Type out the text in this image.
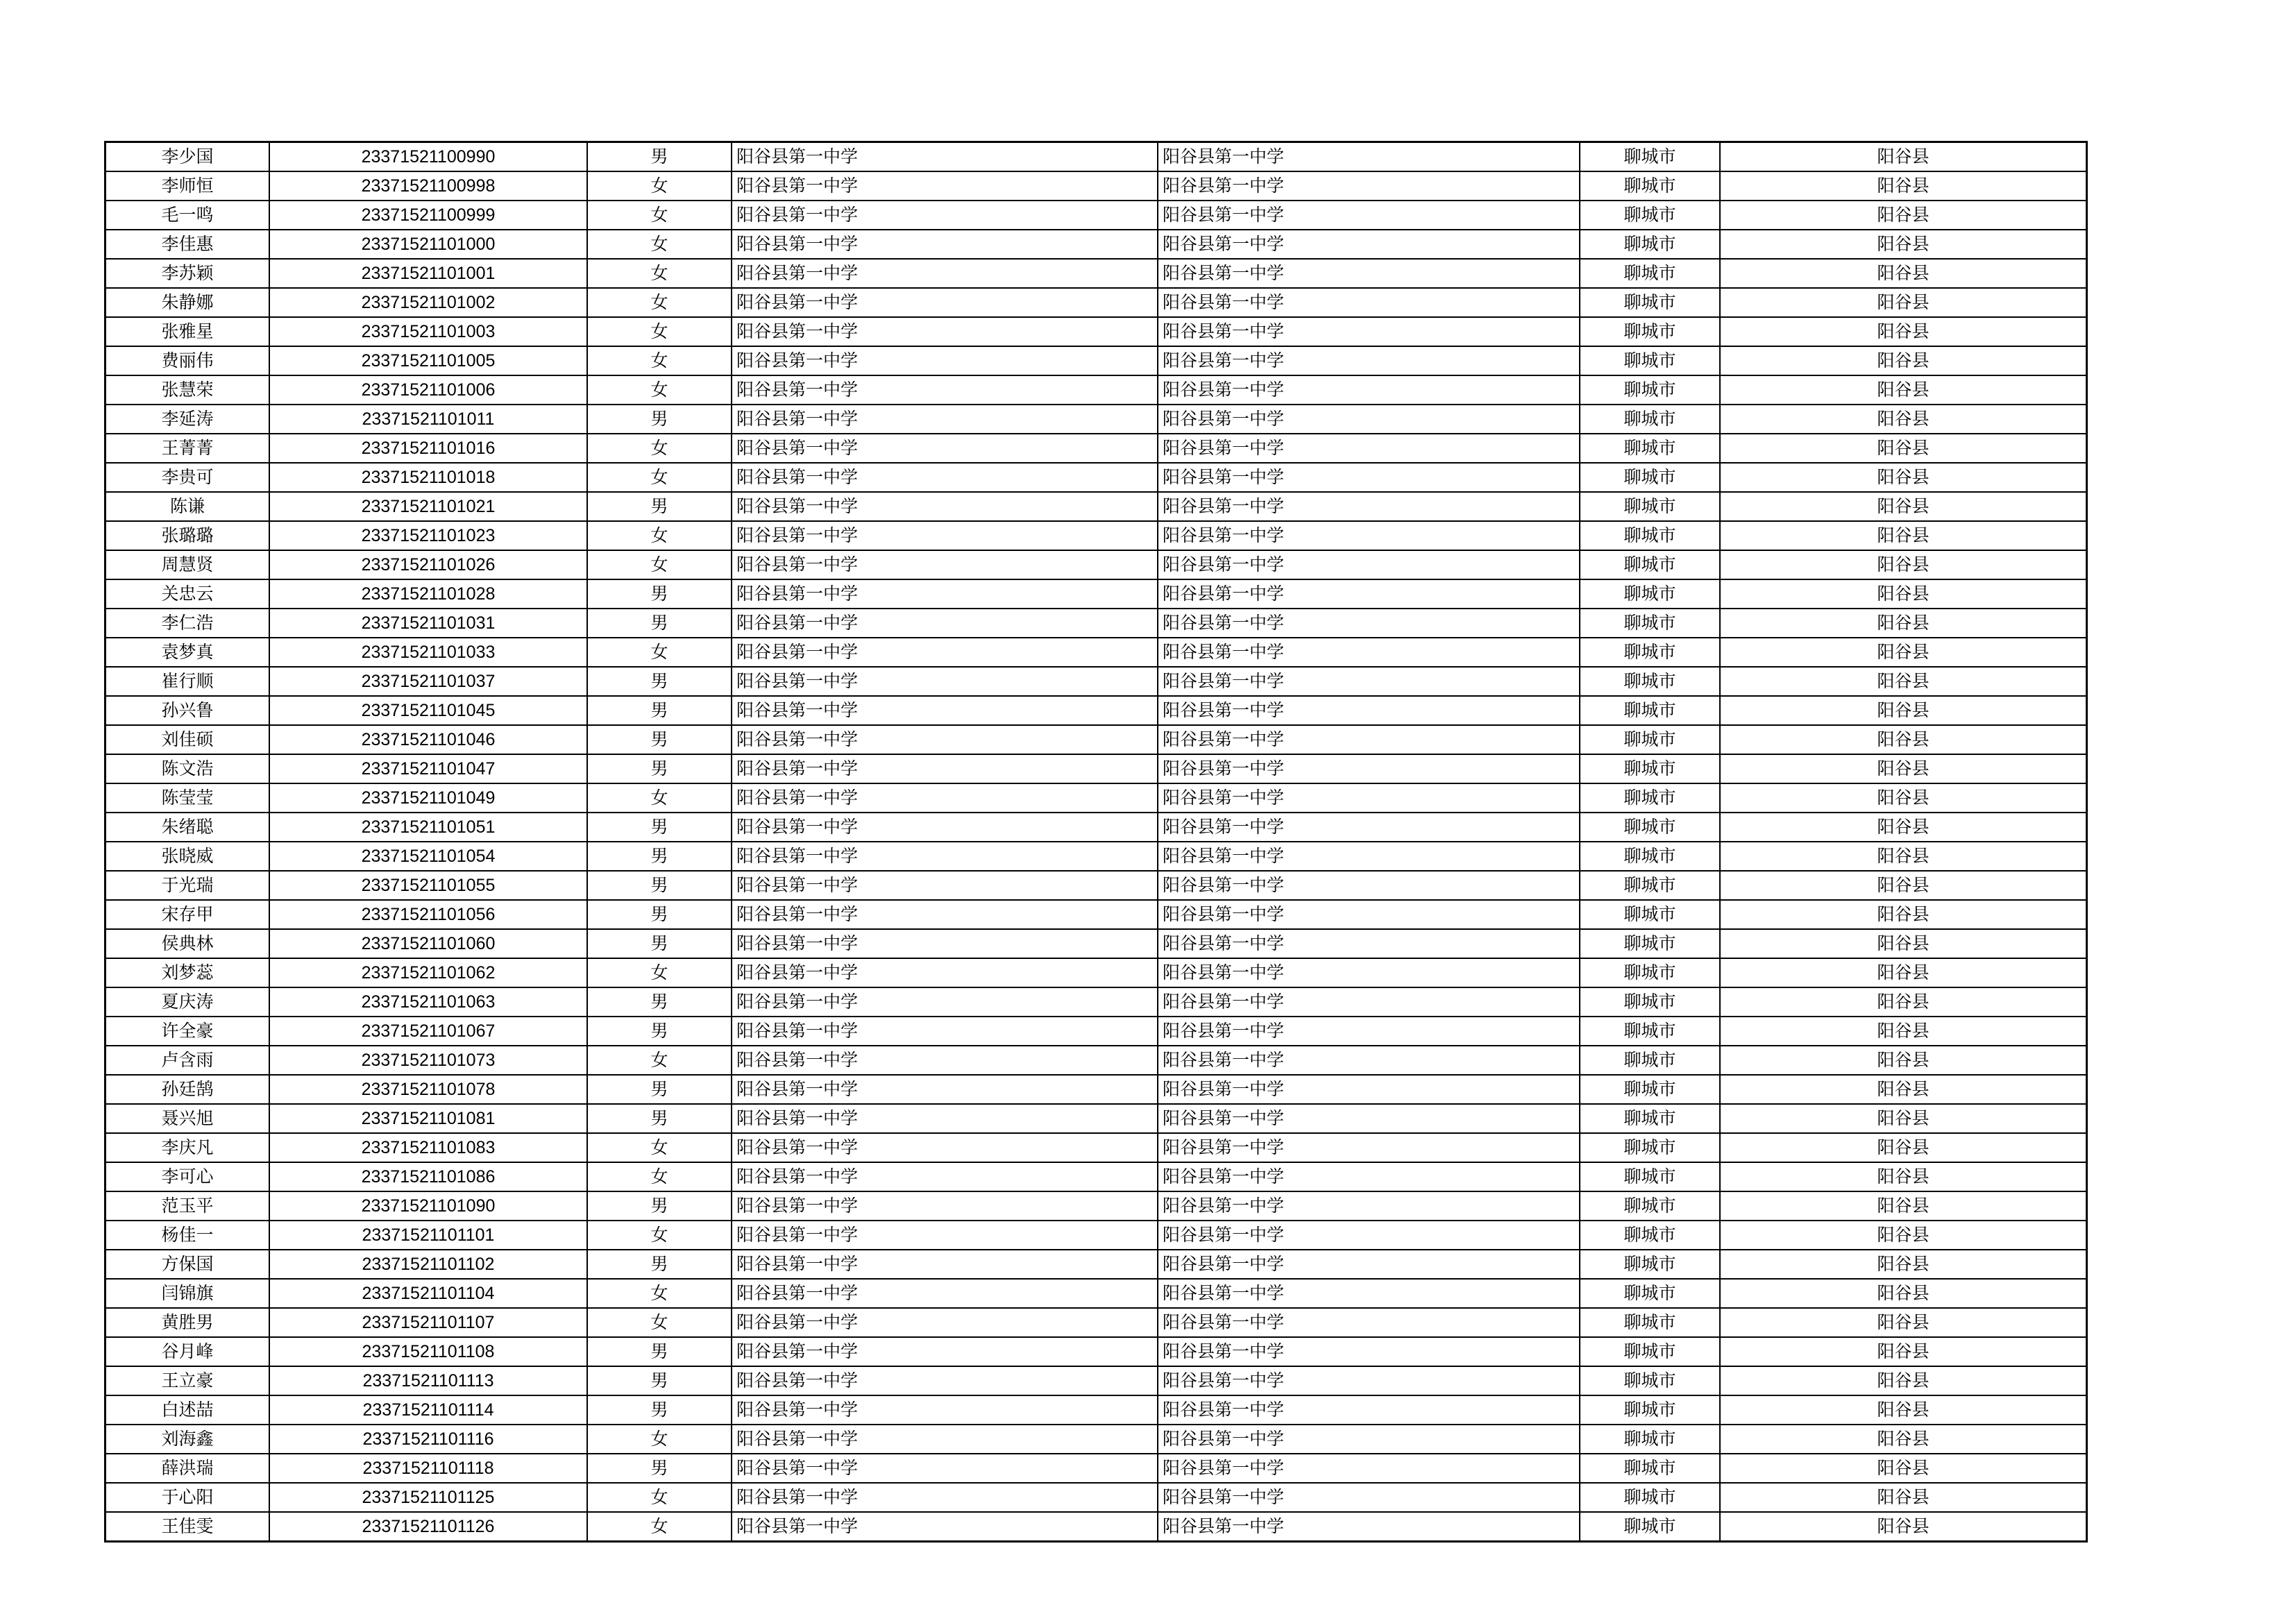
李少国	23371521100990	男	阳谷县第一中学	阳谷县第一中学	聊城市	阳谷县
李师恒	23371521100998	女	阳谷县第一中学	阳谷县第一中学	聊城市	阳谷县
毛一鸣	23371521100999	女	阳谷县第一中学	阳谷县第一中学	聊城市	阳谷县
李佳惠	23371521101000	女	阳谷县第一中学	阳谷县第一中学	聊城市	阳谷县
李苏颖	23371521101001	女	阳谷县第一中学	阳谷县第一中学	聊城市	阳谷县
朱静娜	23371521101002	女	阳谷县第一中学	阳谷县第一中学	聊城市	阳谷县
张雅星	23371521101003	女	阳谷县第一中学	阳谷县第一中学	聊城市	阳谷县
费丽伟	23371521101005	女	阳谷县第一中学	阳谷县第一中学	聊城市	阳谷县
张慧荣	23371521101006	女	阳谷县第一中学	阳谷县第一中学	聊城市	阳谷县
李延涛	23371521101011	男	阳谷县第一中学	阳谷县第一中学	聊城市	阳谷县
王菁菁	23371521101016	女	阳谷县第一中学	阳谷县第一中学	聊城市	阳谷县
李贵可	23371521101018	女	阳谷县第一中学	阳谷县第一中学	聊城市	阳谷县
陈谦	23371521101021	男	阳谷县第一中学	阳谷县第一中学	聊城市	阳谷县
张璐璐	23371521101023	女	阳谷县第一中学	阳谷县第一中学	聊城市	阳谷县
周慧贤	23371521101026	女	阳谷县第一中学	阳谷县第一中学	聊城市	阳谷县
关忠云	23371521101028	男	阳谷县第一中学	阳谷县第一中学	聊城市	阳谷县
李仁浩	23371521101031	男	阳谷县第一中学	阳谷县第一中学	聊城市	阳谷县
袁梦真	23371521101033	女	阳谷县第一中学	阳谷县第一中学	聊城市	阳谷县
崔行顺	23371521101037	男	阳谷县第一中学	阳谷县第一中学	聊城市	阳谷县
孙兴鲁	23371521101045	男	阳谷县第一中学	阳谷县第一中学	聊城市	阳谷县
刘佳硕	23371521101046	男	阳谷县第一中学	阳谷县第一中学	聊城市	阳谷县
陈文浩	23371521101047	男	阳谷县第一中学	阳谷县第一中学	聊城市	阳谷县
陈莹莹	23371521101049	女	阳谷县第一中学	阳谷县第一中学	聊城市	阳谷县
朱绪聪	23371521101051	男	阳谷县第一中学	阳谷县第一中学	聊城市	阳谷县
张晓威	23371521101054	男	阳谷县第一中学	阳谷县第一中学	聊城市	阳谷县
于光瑞	23371521101055	男	阳谷县第一中学	阳谷县第一中学	聊城市	阳谷县
宋存甲	23371521101056	男	阳谷县第一中学	阳谷县第一中学	聊城市	阳谷县
侯典林	23371521101060	男	阳谷县第一中学	阳谷县第一中学	聊城市	阳谷县
刘梦蕊	23371521101062	女	阳谷县第一中学	阳谷县第一中学	聊城市	阳谷县
夏庆涛	23371521101063	男	阳谷县第一中学	阳谷县第一中学	聊城市	阳谷县
许全豪	23371521101067	男	阳谷县第一中学	阳谷县第一中学	聊城市	阳谷县
卢含雨	23371521101073	女	阳谷县第一中学	阳谷县第一中学	聊城市	阳谷县
孙廷鹄	23371521101078	男	阳谷县第一中学	阳谷县第一中学	聊城市	阳谷县
聂兴旭	23371521101081	男	阳谷县第一中学	阳谷县第一中学	聊城市	阳谷县
李庆凡	23371521101083	女	阳谷县第一中学	阳谷县第一中学	聊城市	阳谷县
李可心	23371521101086	女	阳谷县第一中学	阳谷县第一中学	聊城市	阳谷县
范玉平	23371521101090	男	阳谷县第一中学	阳谷县第一中学	聊城市	阳谷县
杨佳一	23371521101101	女	阳谷县第一中学	阳谷县第一中学	聊城市	阳谷县
方保国	23371521101102	男	阳谷县第一中学	阳谷县第一中学	聊城市	阳谷县
闫锦旗	23371521101104	女	阳谷县第一中学	阳谷县第一中学	聊城市	阳谷县
黄胜男	23371521101107	女	阳谷县第一中学	阳谷县第一中学	聊城市	阳谷县
谷月峰	23371521101108	男	阳谷县第一中学	阳谷县第一中学	聊城市	阳谷县
王立豪	23371521101113	男	阳谷县第一中学	阳谷县第一中学	聊城市	阳谷县
白述喆	23371521101114	男	阳谷县第一中学	阳谷县第一中学	聊城市	阳谷县
刘海鑫	23371521101116	女	阳谷县第一中学	阳谷县第一中学	聊城市	阳谷县
薛洪瑞	23371521101118	男	阳谷县第一中学	阳谷县第一中学	聊城市	阳谷县
于心阳	23371521101125	女	阳谷县第一中学	阳谷县第一中学	聊城市	阳谷县
王佳雯	23371521101126	女	阳谷县第一中学	阳谷县第一中学	聊城市	阳谷县
